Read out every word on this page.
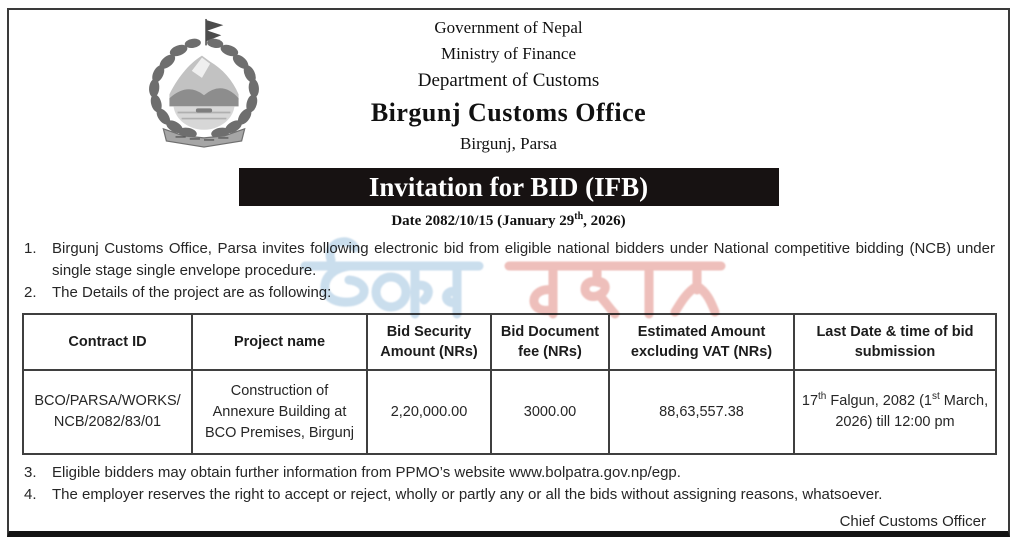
Government of Nepal
Ministry of Finance
Department of Customs
Birgunj Customs Office
Birgunj, Parsa
Invitation for BID (IFB)
Date 2082/10/15 (January 29th, 2026)
1.	Birgunj Customs Office, Parsa invites following electronic bid from eligible national bidders under National competitive bidding (NCB) under single stage single envelope procedure.
2.	The Details of the project are as following:
Contract ID	Project name	Bid Security Amount (NRs)	Bid Document fee (NRs)	Estimated Amount excluding VAT (NRs)	Last Date & time of bid submission
BCO/PARSA/WORKS/
NCB/2082/83/01	Construction of Annexure Building at BCO Premises, Birgunj	2,20,000.00	3000.00	88,63,557.38	17th Falgun, 2082 (1st March, 2026) till 12:00 pm
3.	Eligible bidders may obtain further information from PPMO’s website www.bolpatra.gov.np/egp.
4.	The employer reserves the right to accept or reject, wholly or partly any or all the bids without assigning reasons, whatsoever.
Chief Customs Officer
